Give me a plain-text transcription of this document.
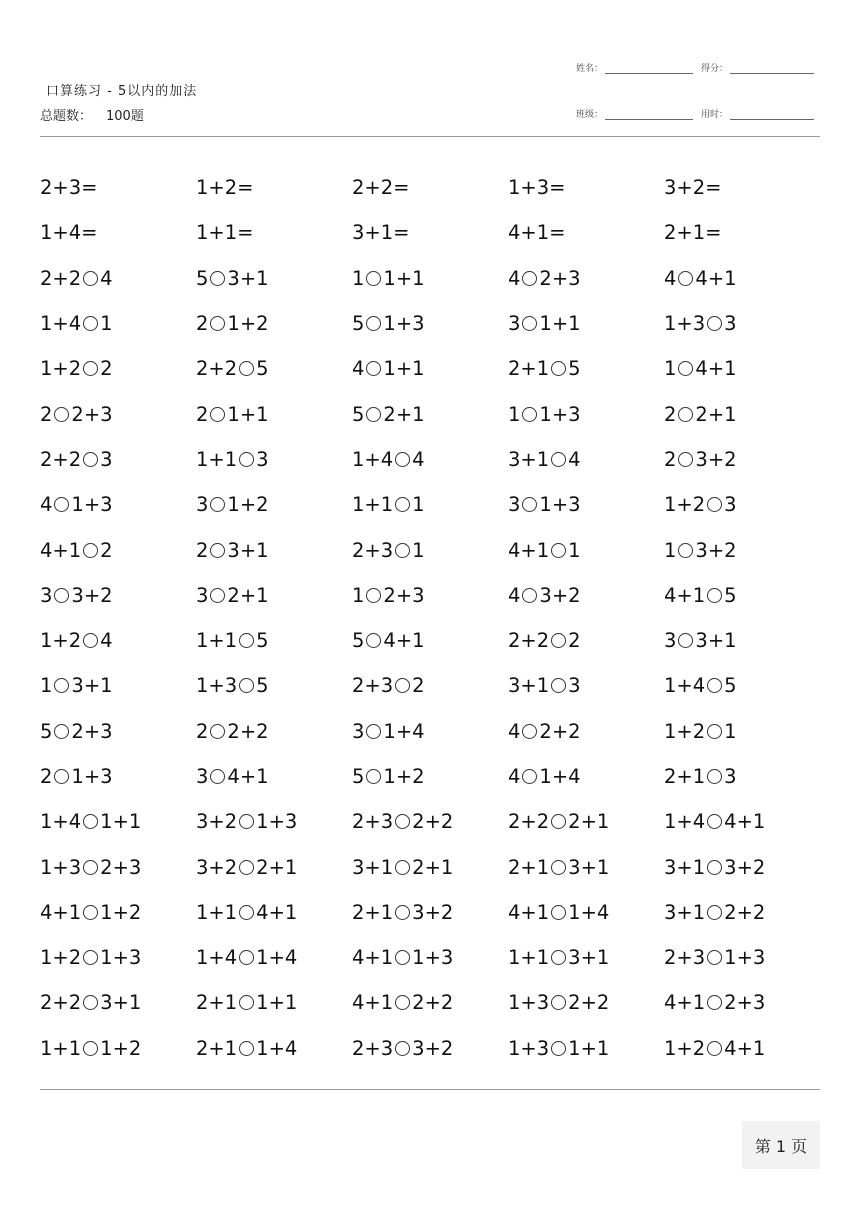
口算练习 - 5以内的加法
总题数： 100题
姓名：	得分：
班级：	用时：
2+3=	1+2=	2+2=	1+3=	3+2=
1+4=	1+1=	3+1=	4+1=	2+1=
2+2 4	5 3+1	1 1+1	4 2+3	4 4+1
1+4 1	2 1+2	5 1+3	3 1+1	1+3 3
1+2 2	2+2 5	4 1+1	2+1 5	1 4+1
2 2+3	2 1+1	5 2+1	1 1+3	2 2+1
2+2 3	1+1 3	1+4 4	3+1 4	2 3+2
4 1+3	3 1+2	1+1 1	3 1+3	1+2 3
4+1 2	2 3+1	2+3 1	4+1 1	1 3+2
3 3+2	3 2+1	1 2+3	4 3+2	4+1 5
1+2 4	1+1 5	5 4+1	2+2 2	3 3+1
1 3+1	1+3 5	2+3 2	3+1 3	1+4 5
5 2+3	2 2+2	3 1+4	4 2+2	1+2 1
2 1+3	3 4+1	5 1+2	4 1+4	2+1 3
1+4 1+1	3+2 1+3	2+3 2+2	2+2 2+1	1+4 4+1
1+3 2+3	3+2 2+1	3+1 2+1	2+1 3+1	3+1 3+2
4+1 1+2	1+1 4+1	2+1 3+2	4+1 1+4	3+1 2+2
1+2 1+3	1+4 1+4	4+1 1+3	1+1 3+1	2+3 1+3
2+2 3+1	2+1 1+1	4+1 2+2	1+3 2+2	4+1 2+3
1+1 1+2	2+1 1+4	2+3 3+2	1+3 1+1	1+2 4+1
第 1 页
